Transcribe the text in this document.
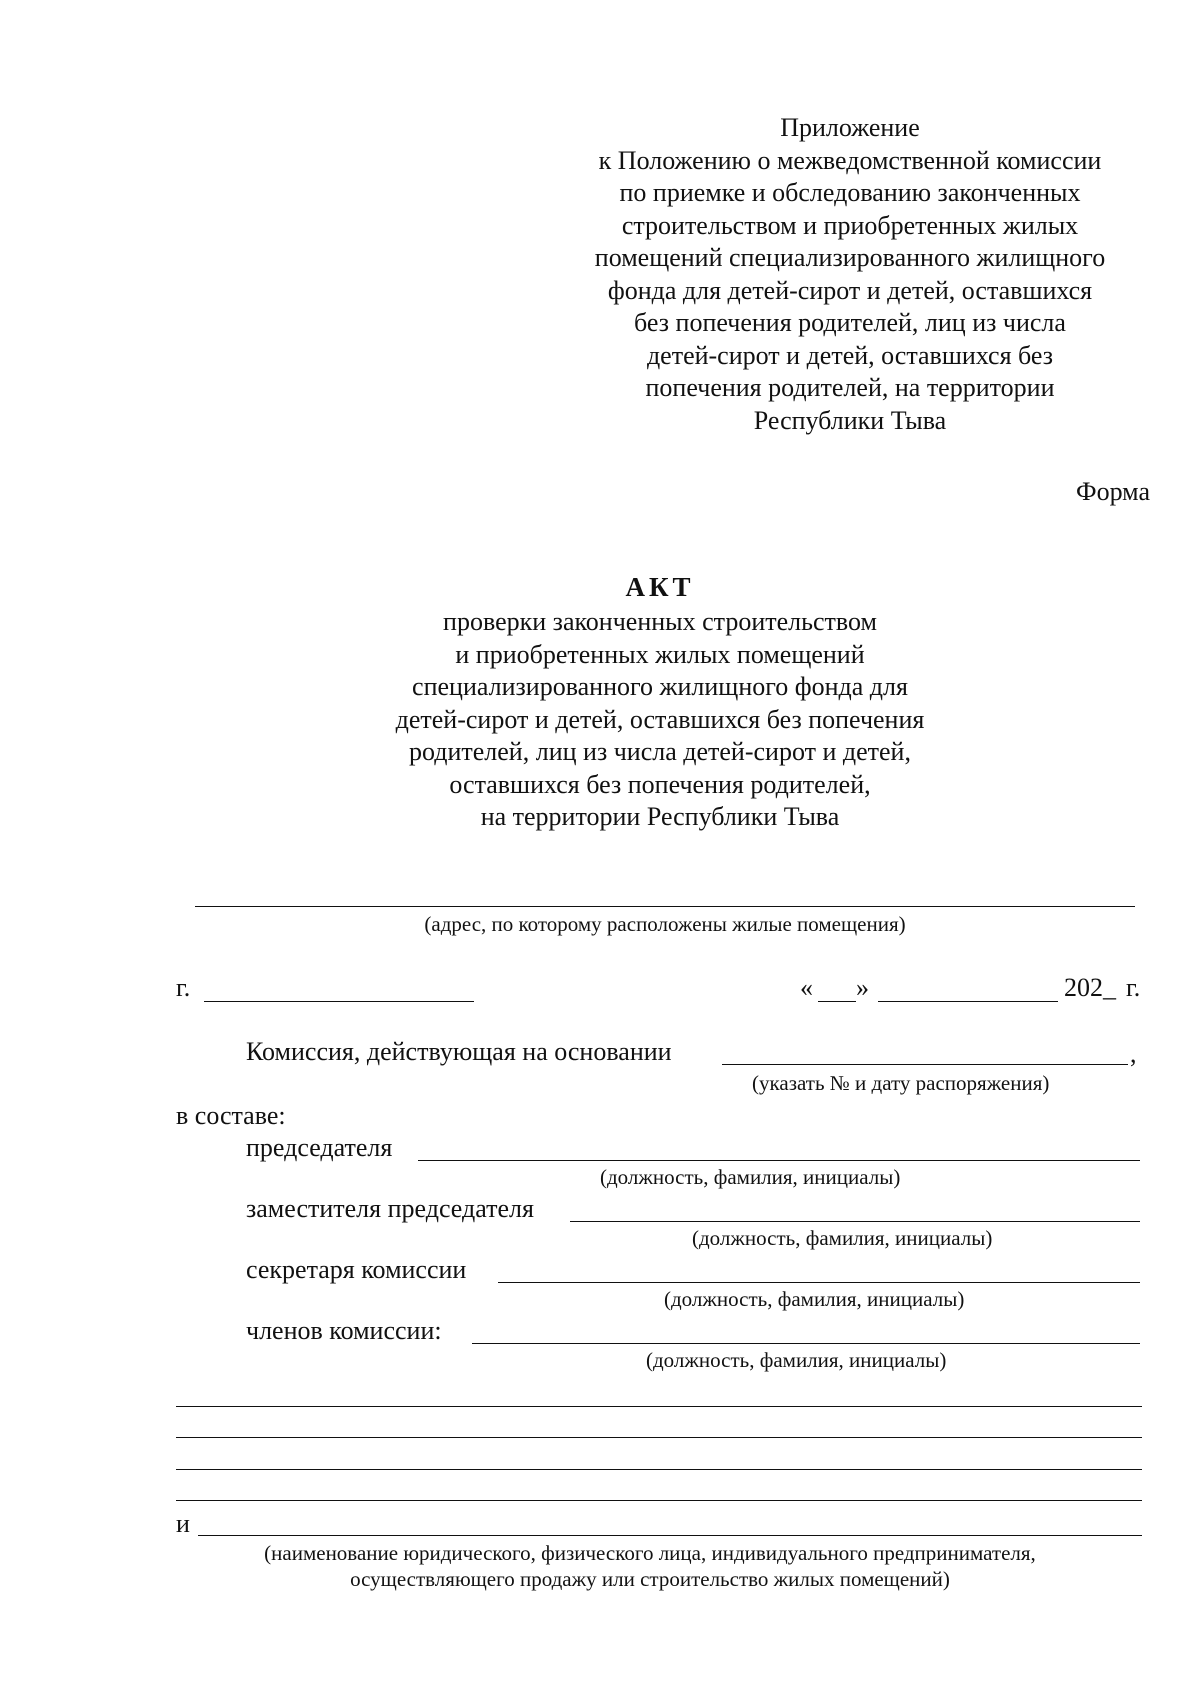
Приложение
к Положению о межведомственной комиссии
по приемке и обследованию законченных
строительством и приобретенных жилых
помещений специализированного жилищного
фонда для детей-сирот и детей, оставшихся
без попечения родителей, лиц из числа
детей-сирот и детей, оставшихся без
попечения родителей, на территории
Республики Тыва
Форма
АКТ
проверки законченных строительством
и приобретенных жилых помещений
специализированного жилищного фонда для
детей-сирот и детей, оставшихся без попечения
родителей, лиц из числа детей-сирот и детей,
оставшихся без попечения родителей,
на территории Республики Тыва
(адрес, по которому расположены жилые помещения)
г.	« »	202_ г.
Комиссия, действующая на основании	,
(указать № и дату распоряжения)
в составе:
председателя
(должность, фамилия, инициалы)
заместителя председателя
(должность, фамилия, инициалы)
секретаря комиссии
(должность, фамилия, инициалы)
членов комиссии:
(должность, фамилия, инициалы)
и
(наименование юридического, физического лица, индивидуального предпринимателя,
осуществляющего продажу или строительство жилых помещений)
